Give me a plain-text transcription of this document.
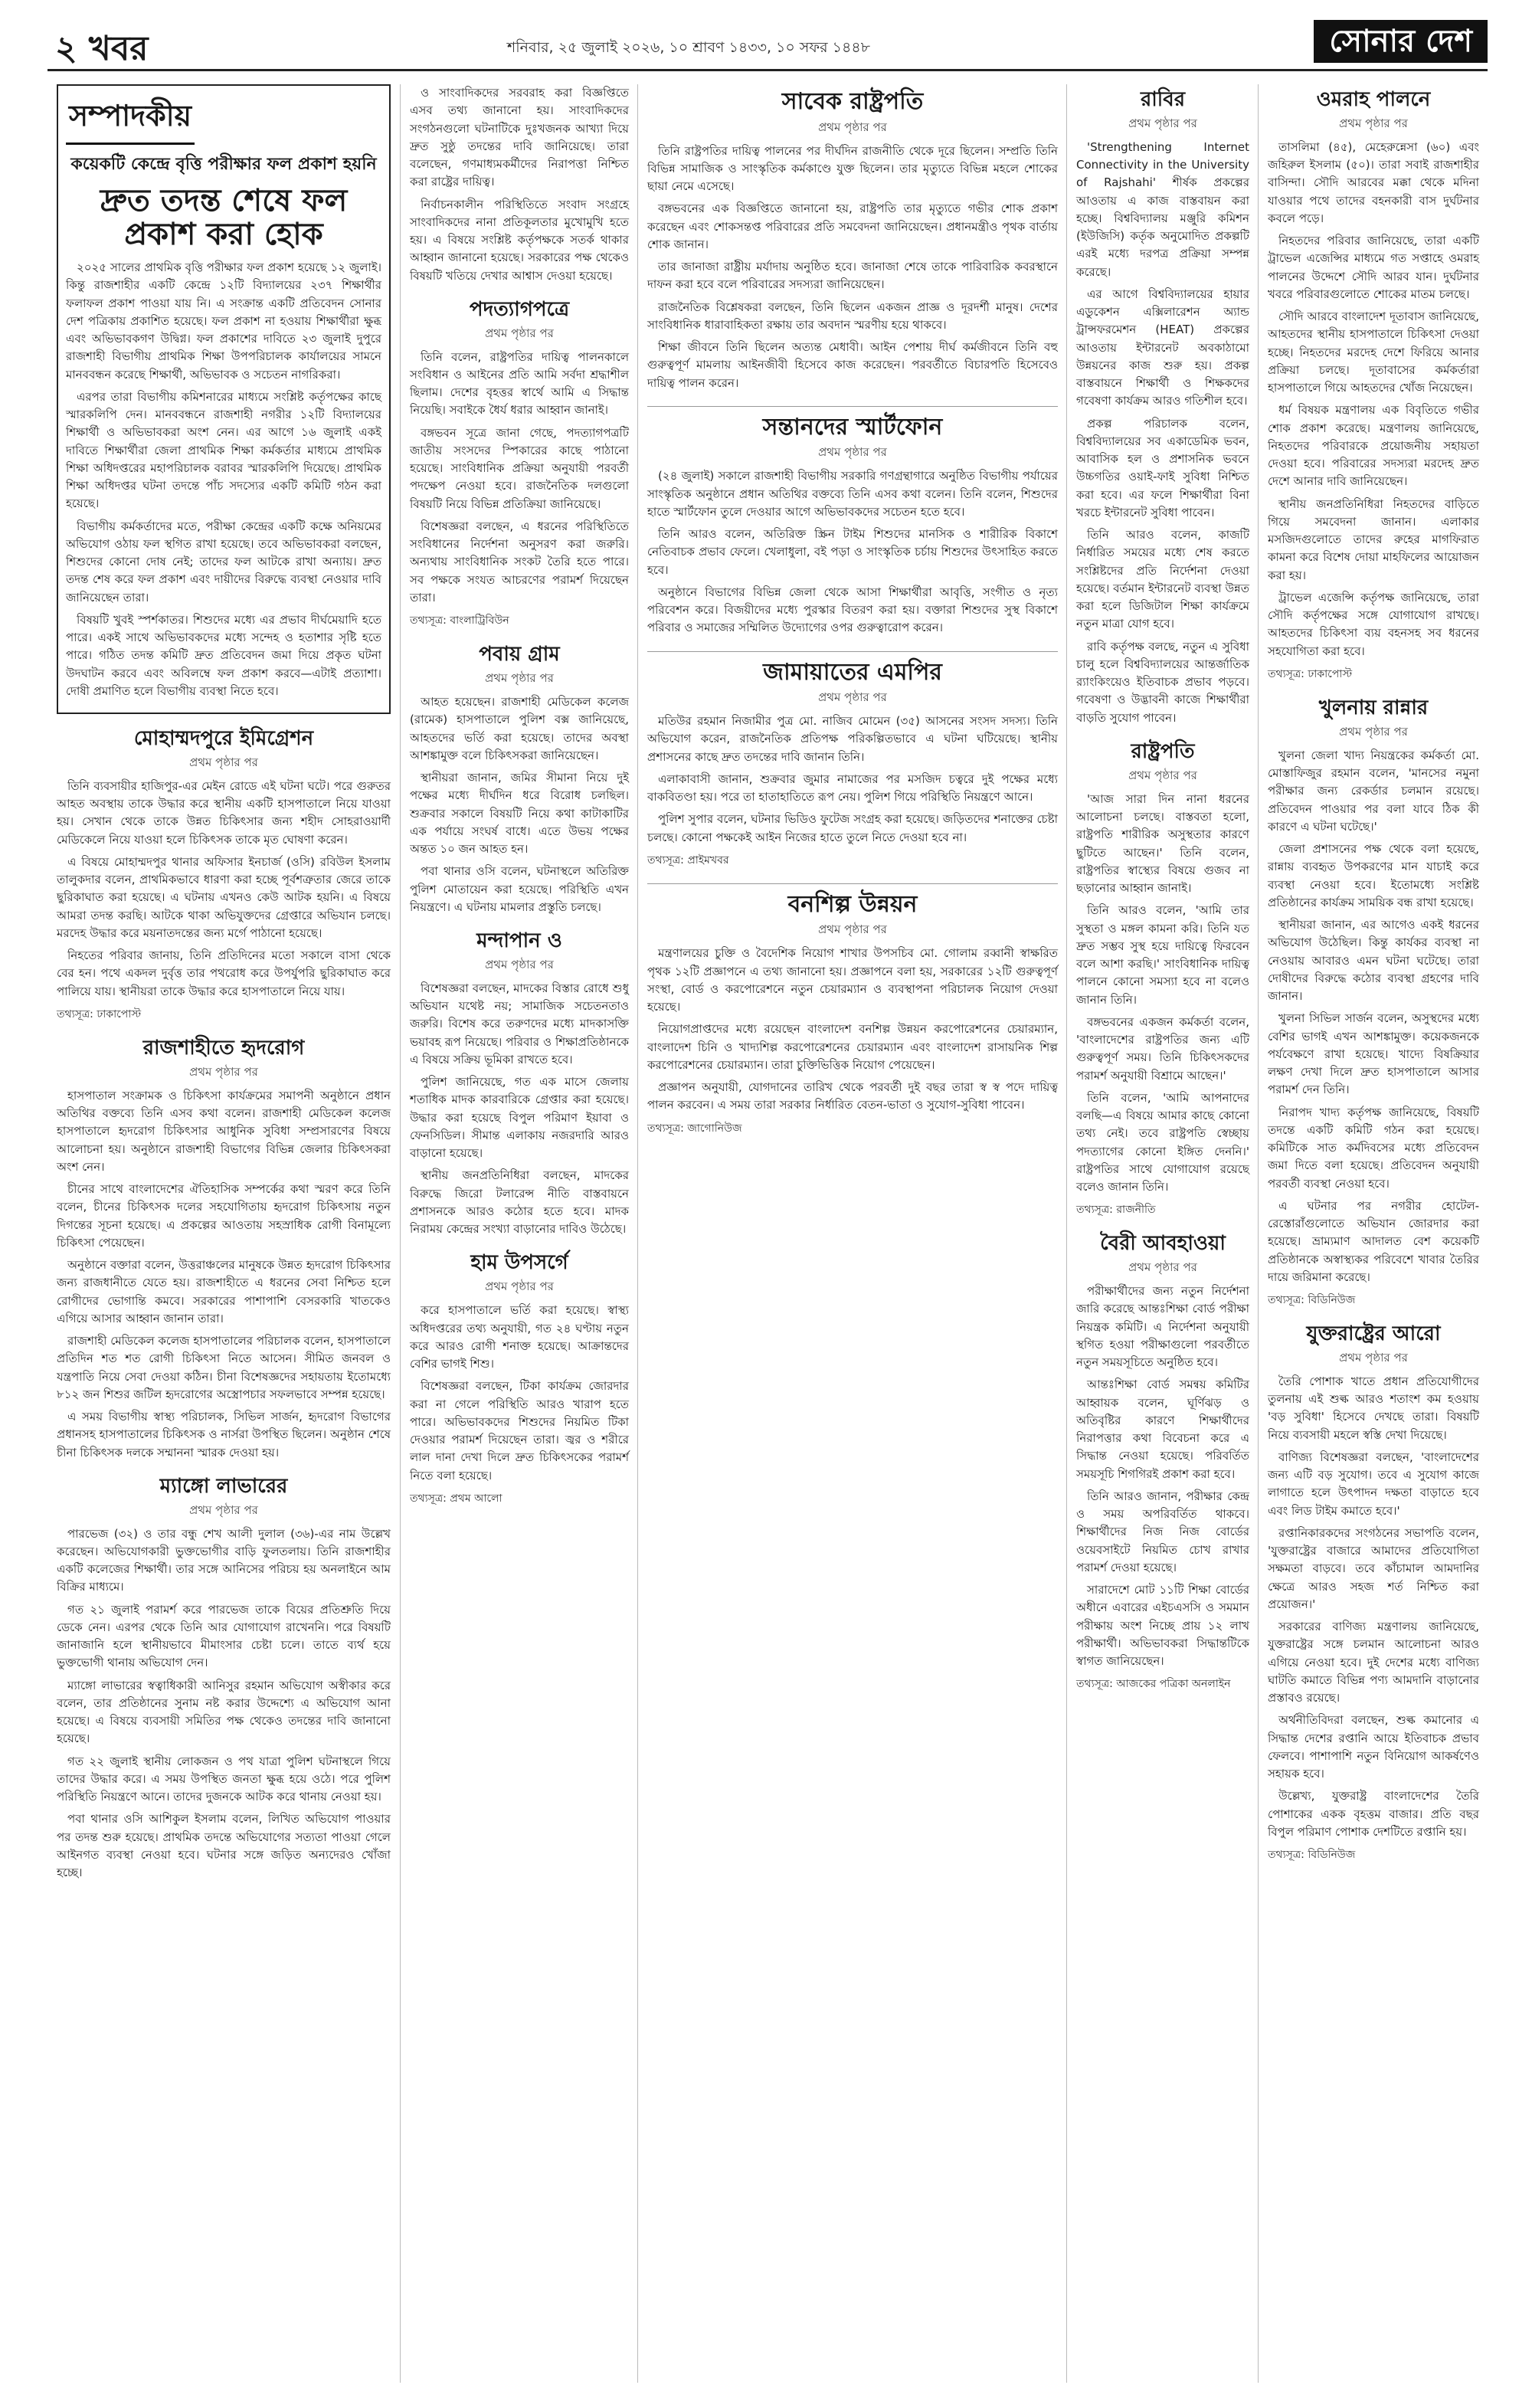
২ খবর	শনিবার, ২৫ জুলাই ২০২৬, ১০ শ্রাবণ ১৪৩৩, ১০ সফর ১৪৪৮	সোনার দেশ
সম্পাদকীয়
কয়েকটি কেন্দ্রে বৃত্তি পরীক্ষার ফল প্রকাশ হয়নি
দ্রুত তদন্ত শেষে ফল প্রকাশ করা হোক

২০২৫ সালের প্রাথমিক বৃত্তি পরীক্ষার ফল প্রকাশ হয়েছে ১২ জুলাই। কিন্তু রাজশাহীর একটি কেন্দ্রে ১২টি বিদ্যালয়ের ২৩৭ শিক্ষার্থীর ফলাফল প্রকাশ পাওয়া যায় নি। এ সংক্রান্ত একটি প্রতিবেদন সোনার দেশ পত্রিকায় প্রকাশিত হয়েছে। ফল প্রকাশ না হওয়ায় শিক্ষার্থীরা ক্ষুব্ধ এবং অভিভাবকগণ উদ্বিগ্ন। ফল প্রকাশের দাবিতে ২৩ জুলাই দুপুরে রাজশাহী বিভাগীয় প্রাথমিক শিক্ষা উপপরিচালক কার্যালয়ের সামনে মানববন্ধন করেছে শিক্ষার্থী, অভিভাবক ও সচেতন নাগরিকরা।

এরপর তারা বিভাগীয় কমিশনারের মাধ্যমে সংশ্লিষ্ট কর্তৃপক্ষের কাছে স্মারকলিপি দেন। মানববন্ধনে রাজশাহী নগরীর ১২টি বিদ্যালয়ের শিক্ষার্থী ও অভিভাবকরা অংশ নেন। এর আগে ১৬ জুলাই একই দাবিতে শিক্ষার্থীরা জেলা প্রাথমিক শিক্ষা কর্মকর্তার মাধ্যমে প্রাথমিক শিক্ষা অধিদপ্তরের মহাপরিচালক বরাবর স্মারকলিপি দিয়েছে। প্রাথমিক শিক্ষা অধিদপ্তর ঘটনা তদন্তে পাঁচ সদস্যের একটি কমিটি গঠন করা হয়েছে।

বিভাগীয় কর্মকর্তাদের মতে, পরীক্ষা কেন্দ্রের একটি কক্ষে অনিয়মের অভিযোগ ওঠায় ফল স্থগিত রাখা হয়েছে। তবে অভিভাবকরা বলছেন, শিশুদের কোনো দোষ নেই; তাদের ফল আটকে রাখা অন্যায়। দ্রুত তদন্ত শেষ করে ফল প্রকাশ এবং দায়ীদের বিরুদ্ধে ব্যবস্থা নেওয়ার দাবি জানিয়েছেন তারা।

বিষয়টি খুবই স্পর্শকাতর। শিশুদের মধ্যে এর প্রভাব দীর্ঘমেয়াদি হতে পারে। একই সাথে অভিভাবকদের মধ্যে সন্দেহ ও হতাশার সৃষ্টি হতে পারে। গঠিত তদন্ত কমিটি দ্রুত প্রতিবেদন জমা দিয়ে প্রকৃত ঘটনা উদঘাটন করবে এবং অবিলম্বে ফল প্রকাশ করবে—এটাই প্রত্যাশা। দোষী প্রমাণিত হলে বিভাগীয় ব্যবস্থা নিতে হবে।

মোহাম্মদপুরে ইমিগ্রেশন
প্রথম পৃষ্ঠার পর

তিনি ব্যবসায়ীর হাজিপুর-এর মেইন রোডে এই ঘটনা ঘটে। পরে গুরুতর আহত অবস্থায় তাকে উদ্ধার করে স্থানীয় একটি হাসপাতালে নিয়ে যাওয়া হয়। সেখান থেকে তাকে উন্নত চিকিৎসার জন্য শহীদ সোহরাওয়ার্দী মেডিকেলে নিয়ে যাওয়া হলে চিকিৎসক তাকে মৃত ঘোষণা করেন।

এ বিষয়ে মোহাম্মদপুর থানার অফিসার ইনচার্জ (ওসি) রবিউল ইসলাম তালুকদার বলেন, প্রাথমিকভাবে ধারণা করা হচ্ছে পূর্বশত্রুতার জেরে তাকে ছুরিকাঘাত করা হয়েছে। এ ঘটনায় এখনও কেউ আটক হয়নি। এ বিষয়ে আমরা তদন্ত করছি। আটকে থাকা অভিযুক্তদের গ্রেপ্তারে অভিযান চলছে। মরদেহ উদ্ধার করে ময়নাতদন্তের জন্য মর্গে পাঠানো হয়েছে।

নিহতের পরিবার জানায়, তিনি প্রতিদিনের মতো সকালে বাসা থেকে বের হন। পথে একদল দুর্বৃত্ত তার পথরোধ করে উপর্যুপরি ছুরিকাঘাত করে পালিয়ে যায়। স্থানীয়রা তাকে উদ্ধার করে হাসপাতালে নিয়ে যায়।

তথ্যসূত্র: ঢাকাপোস্ট
রাজশাহীতে হৃদরোগ
প্রথম পৃষ্ঠার পর

হাসপাতাল সংক্রামক ও চিকিৎসা কার্যক্রমের সমাপনী অনুষ্ঠানে প্রধান অতিথির বক্তব্যে তিনি এসব কথা বলেন। রাজশাহী মেডিকেল কলেজ হাসপাতালে হৃদরোগ চিকিৎসার আধুনিক সুবিধা সম্প্রসারণের বিষয়ে আলোচনা হয়। অনুষ্ঠানে রাজশাহী বিভাগের বিভিন্ন জেলার চিকিৎসকরা অংশ নেন।

চীনের সাথে বাংলাদেশের ঐতিহাসিক সম্পর্কের কথা স্মরণ করে তিনি বলেন, চীনের চিকিৎসক দলের সহযোগিতায় হৃদরোগ চিকিৎসায় নতুন দিগন্তের সূচনা হয়েছে। এ প্রকল্পের আওতায় সহস্রাধিক রোগী বিনামূল্যে চিকিৎসা পেয়েছেন।

অনুষ্ঠানে বক্তারা বলেন, উত্তরাঞ্চলের মানুষকে উন্নত হৃদরোগ চিকিৎসার জন্য রাজধানীতে যেতে হয়। রাজশাহীতে এ ধরনের সেবা নিশ্চিত হলে রোগীদের ভোগান্তি কমবে। সরকারের পাশাপাশি বেসরকারি খাতকেও এগিয়ে আসার আহ্বান জানান তারা।

রাজশাহী মেডিকেল কলেজ হাসপাতালের পরিচালক বলেন, হাসপাতালে প্রতিদিন শত শত রোগী চিকিৎসা নিতে আসেন। সীমিত জনবল ও যন্ত্রপাতি নিয়ে সেবা দেওয়া কঠিন। চীনা বিশেষজ্ঞদের সহায়তায় ইতোমধ্যে ৮১২ জন শিশুর জটিল হৃদরোগের অস্ত্রোপচার সফলভাবে সম্পন্ন হয়েছে।

এ সময় বিভাগীয় স্বাস্থ্য পরিচালক, সিভিল সার্জন, হৃদরোগ বিভাগের প্রধানসহ হাসপাতালের চিকিৎসক ও নার্সরা উপস্থিত ছিলেন। অনুষ্ঠান শেষে চীনা চিকিৎসক দলকে সম্মাননা স্মারক দেওয়া হয়।

ম্যাঙ্গো লাভারের
প্রথম পৃষ্ঠার পর

পারভেজ (৩২) ও তার বন্ধু শেখ আলী দুলাল (৩৬)-এর নাম উল্লেখ করেছেন। অভিযোগকারী ভুক্তভোগীর বাড়ি ফুলতলায়। তিনি রাজশাহীর একটি কলেজের শিক্ষার্থী। তার সঙ্গে আনিসের পরিচয় হয় অনলাইনে আম বিক্রির মাধ্যমে।

গত ২১ জুলাই পরামর্শ করে পারভেজ তাকে বিয়ের প্রতিশ্রুতি দিয়ে ডেকে নেন। এরপর থেকে তিনি আর যোগাযোগ রাখেননি। পরে বিষয়টি জানাজানি হলে স্থানীয়ভাবে মীমাংসার চেষ্টা চলে। তাতে ব্যর্থ হয়ে ভুক্তভোগী থানায় অভিযোগ দেন।

ম্যাঙ্গো লাভারের স্বত্বাধিকারী আনিসুর রহমান অভিযোগ অস্বীকার করে বলেন, তার প্রতিষ্ঠানের সুনাম নষ্ট করার উদ্দেশ্যে এ অভিযোগ আনা হয়েছে। এ বিষয়ে ব্যবসায়ী সমিতির পক্ষ থেকেও তদন্তের দাবি জানানো হয়েছে।

গত ২২ জুলাই স্থানীয় লোকজন ও পথ যাত্রা পুলিশ ঘটনাস্থলে গিয়ে তাদের উদ্ধার করে। এ সময় উপস্থিত জনতা ক্ষুব্ধ হয়ে ওঠে। পরে পুলিশ পরিস্থিতি নিয়ন্ত্রণে আনে। তাদের দুজনকে আটক করে থানায় নেওয়া হয়।

পবা থানার ওসি আশিকুল ইসলাম বলেন, লিখিত অভিযোগ পাওয়ার পর তদন্ত শুরু হয়েছে। প্রাথমিক তদন্তে অভিযোগের সত্যতা পাওয়া গেলে আইনগত ব্যবস্থা নেওয়া হবে। ঘটনার সঙ্গে জড়িত অন্যদেরও খোঁজা হচ্ছে।

ও সাংবাদিকদের সরবরাহ করা বিজ্ঞপ্তিতে এসব তথ্য জানানো হয়। সাংবাদিকদের সংগঠনগুলো ঘটনাটিকে দুঃখজনক আখ্যা দিয়ে দ্রুত সুষ্ঠু তদন্তের দাবি জানিয়েছে। তারা বলেছেন, গণমাধ্যমকর্মীদের নিরাপত্তা নিশ্চিত করা রাষ্ট্রের দায়িত্ব।

নির্বাচনকালীন পরিস্থিতিতে সংবাদ সংগ্রহে সাংবাদিকদের নানা প্রতিকূলতার মুখোমুখি হতে হয়। এ বিষয়ে সংশ্লিষ্ট কর্তৃপক্ষকে সতর্ক থাকার আহ্বান জানানো হয়েছে। সরকারের পক্ষ থেকেও বিষয়টি খতিয়ে দেখার আশ্বাস দেওয়া হয়েছে।

পদত্যাগপত্রে
প্রথম পৃষ্ঠার পর

তিনি বলেন, রাষ্ট্রপতির দায়িত্ব পালনকালে সংবিধান ও আইনের প্রতি আমি সর্বদা শ্রদ্ধাশীল ছিলাম। দেশের বৃহত্তর স্বার্থে আমি এ সিদ্ধান্ত নিয়েছি। সবাইকে ধৈর্য ধরার আহ্বান জানাই।

বঙ্গভবন সূত্রে জানা গেছে, পদত্যাগপত্রটি জাতীয় সংসদের স্পিকারের কাছে পাঠানো হয়েছে। সাংবিধানিক প্রক্রিয়া অনুযায়ী পরবর্তী পদক্ষেপ নেওয়া হবে। রাজনৈতিক দলগুলো বিষয়টি নিয়ে বিভিন্ন প্রতিক্রিয়া জানিয়েছে।

বিশেষজ্ঞরা বলছেন, এ ধরনের পরিস্থিতিতে সংবিধানের নির্দেশনা অনুসরণ করা জরুরি। অন্যথায় সাংবিধানিক সংকট তৈরি হতে পারে। সব পক্ষকে সংযত আচরণের পরামর্শ দিয়েছেন তারা।

তথ্যসূত্র: বাংলাট্রিবিউন
পবায় গ্রাম
প্রথম পৃষ্ঠার পর

আহত হয়েছেন। রাজশাহী মেডিকেল কলেজ (রামেক) হাসপাতালে পুলিশ বক্স জানিয়েছে, আহতদের ভর্তি করা হয়েছে। তাদের অবস্থা আশঙ্কামুক্ত বলে চিকিৎসকরা জানিয়েছেন।

স্থানীয়রা জানান, জমির সীমানা নিয়ে দুই পক্ষের মধ্যে দীর্ঘদিন ধরে বিরোধ চলছিল। শুক্রবার সকালে বিষয়টি নিয়ে কথা কাটাকাটির এক পর্যায়ে সংঘর্ষ বাধে। এতে উভয় পক্ষের অন্তত ১০ জন আহত হন।

পবা থানার ওসি বলেন, ঘটনাস্থলে অতিরিক্ত পুলিশ মোতায়েন করা হয়েছে। পরিস্থিতি এখন নিয়ন্ত্রণে। এ ঘটনায় মামলার প্রস্তুতি চলছে।

মন্দাপান ও
প্রথম পৃষ্ঠার পর

বিশেষজ্ঞরা বলছেন, মাদকের বিস্তার রোধে শুধু অভিযান যথেষ্ট নয়; সামাজিক সচেতনতাও জরুরি। বিশেষ করে তরুণদের মধ্যে মাদকাসক্তি ভয়াবহ রূপ নিয়েছে। পরিবার ও শিক্ষাপ্রতিষ্ঠানকে এ বিষয়ে সক্রিয় ভূমিকা রাখতে হবে।

পুলিশ জানিয়েছে, গত এক মাসে জেলায় শতাধিক মাদক কারবারিকে গ্রেপ্তার করা হয়েছে। উদ্ধার করা হয়েছে বিপুল পরিমাণ ইয়াবা ও ফেনসিডিল। সীমান্ত এলাকায় নজরদারি আরও বাড়ানো হয়েছে।

স্থানীয় জনপ্রতিনিধিরা বলছেন, মাদকের বিরুদ্ধে জিরো টলারেন্স নীতি বাস্তবায়নে প্রশাসনকে আরও কঠোর হতে হবে। মাদক নিরাময় কেন্দ্রের সংখ্যা বাড়ানোর দাবিও উঠেছে।

হাম উপসর্গে
প্রথম পৃষ্ঠার পর

করে হাসপাতালে ভর্তি করা হয়েছে। স্বাস্থ্য অধিদপ্তরের তথ্য অনুযায়ী, গত ২৪ ঘণ্টায় নতুন করে আরও রোগী শনাক্ত হয়েছে। আক্রান্তদের বেশির ভাগই শিশু।

বিশেষজ্ঞরা বলছেন, টিকা কার্যক্রম জোরদার করা না গেলে পরিস্থিতি আরও খারাপ হতে পারে। অভিভাবকদের শিশুদের নিয়মিত টিকা দেওয়ার পরামর্শ দিয়েছেন তারা। জ্বর ও শরীরে লাল দানা দেখা দিলে দ্রুত চিকিৎসকের পরামর্শ নিতে বলা হয়েছে।

তথ্যসূত্র: প্রথম আলো
সাবেক রাষ্ট্রপতি
প্রথম পৃষ্ঠার পর

তিনি রাষ্ট্রপতির দায়িত্ব পালনের পর দীর্ঘদিন রাজনীতি থেকে দূরে ছিলেন। সম্প্রতি তিনি বিভিন্ন সামাজিক ও সাংস্কৃতিক কর্মকাণ্ডে যুক্ত ছিলেন। তার মৃত্যুতে বিভিন্ন মহলে শোকের ছায়া নেমে এসেছে।

বঙ্গভবনের এক বিজ্ঞপ্তিতে জানানো হয়, রাষ্ট্রপতি তার মৃত্যুতে গভীর শোক প্রকাশ করেছেন এবং শোকসন্তপ্ত পরিবারের প্রতি সমবেদনা জানিয়েছেন। প্রধানমন্ত্রীও পৃথক বার্তায় শোক জানান।

তার জানাজা রাষ্ট্রীয় মর্যাদায় অনুষ্ঠিত হবে। জানাজা শেষে তাকে পারিবারিক কবরস্থানে দাফন করা হবে বলে পরিবারের সদস্যরা জানিয়েছেন।

রাজনৈতিক বিশ্লেষকরা বলছেন, তিনি ছিলেন একজন প্রাজ্ঞ ও দূরদর্শী মানুষ। দেশের সাংবিধানিক ধারাবাহিকতা রক্ষায় তার অবদান স্মরণীয় হয়ে থাকবে।

শিক্ষা জীবনে তিনি ছিলেন অত্যন্ত মেধাবী। আইন পেশায় দীর্ঘ কর্মজীবনে তিনি বহু গুরুত্বপূর্ণ মামলায় আইনজীবী হিসেবে কাজ করেছেন। পরবর্তীতে বিচারপতি হিসেবেও দায়িত্ব পালন করেন।

সন্তানদের স্মার্টফোন
প্রথম পৃষ্ঠার পর

(২৪ জুলাই) সকালে রাজশাহী বিভাগীয় সরকারি গণগ্রন্থাগারে অনুষ্ঠিত বিভাগীয় পর্যায়ের সাংস্কৃতিক অনুষ্ঠানে প্রধান অতিথির বক্তব্যে তিনি এসব কথা বলেন। তিনি বলেন, শিশুদের হাতে স্মার্টফোন তুলে দেওয়ার আগে অভিভাবকদের সচেতন হতে হবে।

তিনি আরও বলেন, অতিরিক্ত স্ক্রিন টাইম শিশুদের মানসিক ও শারীরিক বিকাশে নেতিবাচক প্রভাব ফেলে। খেলাধুলা, বই পড়া ও সাংস্কৃতিক চর্চায় শিশুদের উৎসাহিত করতে হবে।

অনুষ্ঠানে বিভাগের বিভিন্ন জেলা থেকে আসা শিক্ষার্থীরা আবৃত্তি, সংগীত ও নৃত্য পরিবেশন করে। বিজয়ীদের মধ্যে পুরস্কার বিতরণ করা হয়। বক্তারা শিশুদের সুস্থ বিকাশে পরিবার ও সমাজের সম্মিলিত উদ্যোগের ওপর গুরুত্বারোপ করেন।

জামায়াতের এমপির
প্রথম পৃষ্ঠার পর

মতিউর রহমান নিজামীর পুত্র মো. নাজিব মোমেন (৩৫) আসনের সংসদ সদস্য। তিনি অভিযোগ করেন, রাজনৈতিক প্রতিপক্ষ পরিকল্পিতভাবে এ ঘটনা ঘটিয়েছে। স্থানীয় প্রশাসনের কাছে দ্রুত তদন্তের দাবি জানান তিনি।

এলাকাবাসী জানান, শুক্রবার জুমার নামাজের পর মসজিদ চত্বরে দুই পক্ষের মধ্যে বাকবিতণ্ডা হয়। পরে তা হাতাহাতিতে রূপ নেয়। পুলিশ গিয়ে পরিস্থিতি নিয়ন্ত্রণে আনে।

পুলিশ সুপার বলেন, ঘটনার ভিডিও ফুটেজ সংগ্রহ করা হয়েছে। জড়িতদের শনাক্তের চেষ্টা চলছে। কোনো পক্ষকেই আইন নিজের হাতে তুলে নিতে দেওয়া হবে না।

তথ্যসূত্র: প্রাইমখবর
বনশিল্প উন্নয়ন
প্রথম পৃষ্ঠার পর

মন্ত্রণালয়ের চুক্তি ও বৈদেশিক নিয়োগ শাখার উপসচিব মো. গোলাম রব্বানী স্বাক্ষরিত পৃথক ১২টি প্রজ্ঞাপনে এ তথ্য জানানো হয়। প্রজ্ঞাপনে বলা হয়, সরকারের ১২টি গুরুত্বপূর্ণ সংস্থা, বোর্ড ও করপোরেশনে নতুন চেয়ারম্যান ও ব্যবস্থাপনা পরিচালক নিয়োগ দেওয়া হয়েছে।

নিয়োগপ্রাপ্তদের মধ্যে রয়েছেন বাংলাদেশ বনশিল্প উন্নয়ন করপোরেশনের চেয়ারম্যান, বাংলাদেশ চিনি ও খাদ্যশিল্প করপোরেশনের চেয়ারম্যান এবং বাংলাদেশ রাসায়নিক শিল্প করপোরেশনের চেয়ারম্যান। তারা চুক্তিভিত্তিক নিয়োগ পেয়েছেন।

প্রজ্ঞাপন অনুযায়ী, যোগদানের তারিখ থেকে পরবর্তী দুই বছর তারা স্ব স্ব পদে দায়িত্ব পালন করবেন। এ সময় তারা সরকার নির্ধারিত বেতন-ভাতা ও সুযোগ-সুবিধা পাবেন।

তথ্যসূত্র: জাগোনিউজ
রাবির
প্রথম পৃষ্ঠার পর

'Strengthening Internet Connectivity in the University of Rajshahi' শীর্ষক প্রকল্পের আওতায় এ কাজ বাস্তবায়ন করা হচ্ছে। বিশ্ববিদ্যালয় মঞ্জুরি কমিশন (ইউজিসি) কর্তৃক অনুমোদিত প্রকল্পটি এরই মধ্যে দরপত্র প্রক্রিয়া সম্পন্ন করেছে।

এর আগে বিশ্ববিদ্যালয়ের হায়ার এডুকেশন এক্সিলারেশন অ্যান্ড ট্রান্সফরমেশন (HEAT) প্রকল্পের আওতায় ইন্টারনেট অবকাঠামো উন্নয়নের কাজ শুরু হয়। প্রকল্প বাস্তবায়নে শিক্ষার্থী ও শিক্ষকদের গবেষণা কার্যক্রম আরও গতিশীল হবে।

প্রকল্প পরিচালক বলেন, বিশ্ববিদ্যালয়ের সব একাডেমিক ভবন, আবাসিক হল ও প্রশাসনিক ভবনে উচ্চগতির ওয়াই-ফাই সুবিধা নিশ্চিত করা হবে। এর ফলে শিক্ষার্থীরা বিনা খরচে ইন্টারনেট সুবিধা পাবেন।

তিনি আরও বলেন, কাজটি নির্ধারিত সময়ের মধ্যে শেষ করতে সংশ্লিষ্টদের প্রতি নির্দেশনা দেওয়া হয়েছে। বর্তমান ইন্টারনেট ব্যবস্থা উন্নত করা হলে ডিজিটাল শিক্ষা কার্যক্রমে নতুন মাত্রা যোগ হবে।

রাবি কর্তৃপক্ষ বলছে, নতুন এ সুবিধা চালু হলে বিশ্ববিদ্যালয়ের আন্তর্জাতিক র‌্যাংকিংয়েও ইতিবাচক প্রভাব পড়বে। গবেষণা ও উদ্ভাবনী কাজে শিক্ষার্থীরা বাড়তি সুযোগ পাবেন।

রাষ্ট্রপতি
প্রথম পৃষ্ঠার পর

'আজ সারা দিন নানা ধরনের আলোচনা চলছে। বাস্তবতা হলো, রাষ্ট্রপতি শারীরিক অসুস্থতার কারণে ছুটিতে আছেন।' তিনি বলেন, রাষ্ট্রপতির স্বাস্থ্যের বিষয়ে গুজব না ছড়ানোর আহ্বান জানাই।

তিনি আরও বলেন, 'আমি তার সুস্থতা ও মঙ্গল কামনা করি। তিনি যত দ্রুত সম্ভব সুস্থ হয়ে দায়িত্বে ফিরবেন বলে আশা করছি।' সাংবিধানিক দায়িত্ব পালনে কোনো সমস্যা হবে না বলেও জানান তিনি।

বঙ্গভবনের একজন কর্মকর্তা বলেন, 'বাংলাদেশের রাষ্ট্রপতির জন্য এটি গুরুত্বপূর্ণ সময়। তিনি চিকিৎসকদের পরামর্শ অনুযায়ী বিশ্রামে আছেন।'

তিনি বলেন, 'আমি আপনাদের বলছি—এ বিষয়ে আমার কাছে কোনো তথ্য নেই। তবে রাষ্ট্রপতি স্বেচ্ছায় পদত্যাগের কোনো ইঙ্গিত দেননি।' রাষ্ট্রপতির সাথে যোগাযোগ রয়েছে বলেও জানান তিনি।

তথ্যসূত্র: রাজনীতি
বৈরী আবহাওয়া
প্রথম পৃষ্ঠার পর

পরীক্ষার্থীদের জন্য নতুন নির্দেশনা জারি করেছে আন্তঃশিক্ষা বোর্ড পরীক্ষা নিয়ন্ত্রক কমিটি। এ নির্দেশনা অনুযায়ী স্থগিত হওয়া পরীক্ষাগুলো পরবর্তীতে নতুন সময়সূচিতে অনুষ্ঠিত হবে।

আন্তঃশিক্ষা বোর্ড সমন্বয় কমিটির আহ্বায়ক বলেন, ঘূর্ণিঝড় ও অতিবৃষ্টির কারণে শিক্ষার্থীদের নিরাপত্তার কথা বিবেচনা করে এ সিদ্ধান্ত নেওয়া হয়েছে। পরিবর্তিত সময়সূচি শিগগিরই প্রকাশ করা হবে।

তিনি আরও জানান, পরীক্ষার কেন্দ্র ও সময় অপরিবর্তিত থাকবে। শিক্ষার্থীদের নিজ নিজ বোর্ডের ওয়েবসাইটে নিয়মিত চোখ রাখার পরামর্শ দেওয়া হয়েছে।

সারাদেশে মোট ১১টি শিক্ষা বোর্ডের অধীনে এবারের এইচএসসি ও সমমান পরীক্ষায় অংশ নিচ্ছে প্রায় ১২ লাখ পরীক্ষার্থী। অভিভাবকরা সিদ্ধান্তটিকে স্বাগত জানিয়েছেন।

তথ্যসূত্র: আজকের পত্রিকা অনলাইন
ওমরাহ পালনে
প্রথম পৃষ্ঠার পর

তাসলিমা (৪৫), মেহেরুন্নেসা (৬০) এবং জহিরুল ইসলাম (৫০)। তারা সবাই রাজশাহীর বাসিন্দা। সৌদি আরবের মক্কা থেকে মদিনা যাওয়ার পথে তাদের বহনকারী বাস দুর্ঘটনার কবলে পড়ে।

নিহতদের পরিবার জানিয়েছে, তারা একটি ট্রাভেল এজেন্সির মাধ্যমে গত সপ্তাহে ওমরাহ পালনের উদ্দেশে সৌদি আরব যান। দুর্ঘটনার খবরে পরিবারগুলোতে শোকের মাতম চলছে।

সৌদি আরবে বাংলাদেশ দূতাবাস জানিয়েছে, আহতদের স্থানীয় হাসপাতালে চিকিৎসা দেওয়া হচ্ছে। নিহতদের মরদেহ দেশে ফিরিয়ে আনার প্রক্রিয়া চলছে। দূতাবাসের কর্মকর্তারা হাসপাতালে গিয়ে আহতদের খোঁজ নিয়েছেন।

ধর্ম বিষয়ক মন্ত্রণালয় এক বিবৃতিতে গভীর শোক প্রকাশ করেছে। মন্ত্রণালয় জানিয়েছে, নিহতদের পরিবারকে প্রয়োজনীয় সহায়তা দেওয়া হবে। পরিবারের সদস্যরা মরদেহ দ্রুত দেশে আনার দাবি জানিয়েছেন।

স্থানীয় জনপ্রতিনিধিরা নিহতদের বাড়িতে গিয়ে সমবেদনা জানান। এলাকার মসজিদগুলোতে তাদের রুহের মাগফিরাত কামনা করে বিশেষ দোয়া মাহফিলের আয়োজন করা হয়।

ট্রাভেল এজেন্সি কর্তৃপক্ষ জানিয়েছে, তারা সৌদি কর্তৃপক্ষের সঙ্গে যোগাযোগ রাখছে। আহতদের চিকিৎসা ব্যয় বহনসহ সব ধরনের সহযোগিতা করা হবে।

তথ্যসূত্র: ঢাকাপোস্ট
খুলনায় রান্নার
প্রথম পৃষ্ঠার পর

খুলনা জেলা খাদ্য নিয়ন্ত্রকের কর্মকর্তা মো. মোস্তাফিজুর রহমান বলেন, 'মানসের নমুনা পরীক্ষার জন্য রেকর্ডার চলমান রয়েছে। প্রতিবেদন পাওয়ার পর বলা যাবে ঠিক কী কারণে এ ঘটনা ঘটেছে।'

জেলা প্রশাসনের পক্ষ থেকে বলা হয়েছে, রান্নায় ব্যবহৃত উপকরণের মান যাচাই করে ব্যবস্থা নেওয়া হবে। ইতোমধ্যে সংশ্লিষ্ট প্রতিষ্ঠানের কার্যক্রম সাময়িক বন্ধ রাখা হয়েছে।

স্থানীয়রা জানান, এর আগেও একই ধরনের অভিযোগ উঠেছিল। কিন্তু কার্যকর ব্যবস্থা না নেওয়ায় আবারও এমন ঘটনা ঘটেছে। তারা দোষীদের বিরুদ্ধে কঠোর ব্যবস্থা গ্রহণের দাবি জানান।

খুলনা সিভিল সার্জন বলেন, অসুস্থদের মধ্যে বেশির ভাগই এখন আশঙ্কামুক্ত। কয়েকজনকে পর্যবেক্ষণে রাখা হয়েছে। খাদ্যে বিষক্রিয়ার লক্ষণ দেখা দিলে দ্রুত হাসপাতালে আসার পরামর্শ দেন তিনি।

নিরাপদ খাদ্য কর্তৃপক্ষ জানিয়েছে, বিষয়টি তদন্তে একটি কমিটি গঠন করা হয়েছে। কমিটিকে সাত কর্মদিবসের মধ্যে প্রতিবেদন জমা দিতে বলা হয়েছে। প্রতিবেদন অনুযায়ী পরবর্তী ব্যবস্থা নেওয়া হবে।

এ ঘটনার পর নগরীর হোটেল-রেস্তোরাঁগুলোতে অভিযান জোরদার করা হয়েছে। ভ্রাম্যমাণ আদালত বেশ কয়েকটি প্রতিষ্ঠানকে অস্বাস্থ্যকর পরিবেশে খাবার তৈরির দায়ে জরিমানা করেছে।

তথ্যসূত্র: বিডিনিউজ
যুক্তরাষ্ট্রের আরো
প্রথম পৃষ্ঠার পর

তৈরি পোশাক খাতে প্রধান প্রতিযোগীদের তুলনায় এই শুল্ক আরও শতাংশ কম হওয়ায় 'বড় সুবিধা' হিসেবে দেখছে তারা। বিষয়টি নিয়ে ব্যবসায়ী মহলে স্বস্তি দেখা দিয়েছে।

বাণিজ্য বিশেষজ্ঞরা বলছেন, 'বাংলাদেশের জন্য এটি বড় সুযোগ। তবে এ সুযোগ কাজে লাগাতে হলে উৎপাদন দক্ষতা বাড়াতে হবে এবং লিড টাইম কমাতে হবে।'

রপ্তানিকারকদের সংগঠনের সভাপতি বলেন, 'যুক্তরাষ্ট্রের বাজারে আমাদের প্রতিযোগিতা সক্ষমতা বাড়বে। তবে কাঁচামাল আমদানির ক্ষেত্রে আরও সহজ শর্ত নিশ্চিত করা প্রয়োজন।'

সরকারের বাণিজ্য মন্ত্রণালয় জানিয়েছে, যুক্তরাষ্ট্রের সঙ্গে চলমান আলোচনা আরও এগিয়ে নেওয়া হবে। দুই দেশের মধ্যে বাণিজ্য ঘাটতি কমাতে বিভিন্ন পণ্য আমদানি বাড়ানোর প্রস্তাবও রয়েছে।

অর্থনীতিবিদরা বলছেন, শুল্ক কমানোর এ সিদ্ধান্ত দেশের রপ্তানি আয়ে ইতিবাচক প্রভাব ফেলবে। পাশাপাশি নতুন বিনিয়োগ আকর্ষণেও সহায়ক হবে।

উল্লেখ্য, যুক্তরাষ্ট্র বাংলাদেশের তৈরি পোশাকের একক বৃহত্তম বাজার। প্রতি বছর বিপুল পরিমাণ পোশাক দেশটিতে রপ্তানি হয়।

তথ্যসূত্র: বিডিনিউজ
